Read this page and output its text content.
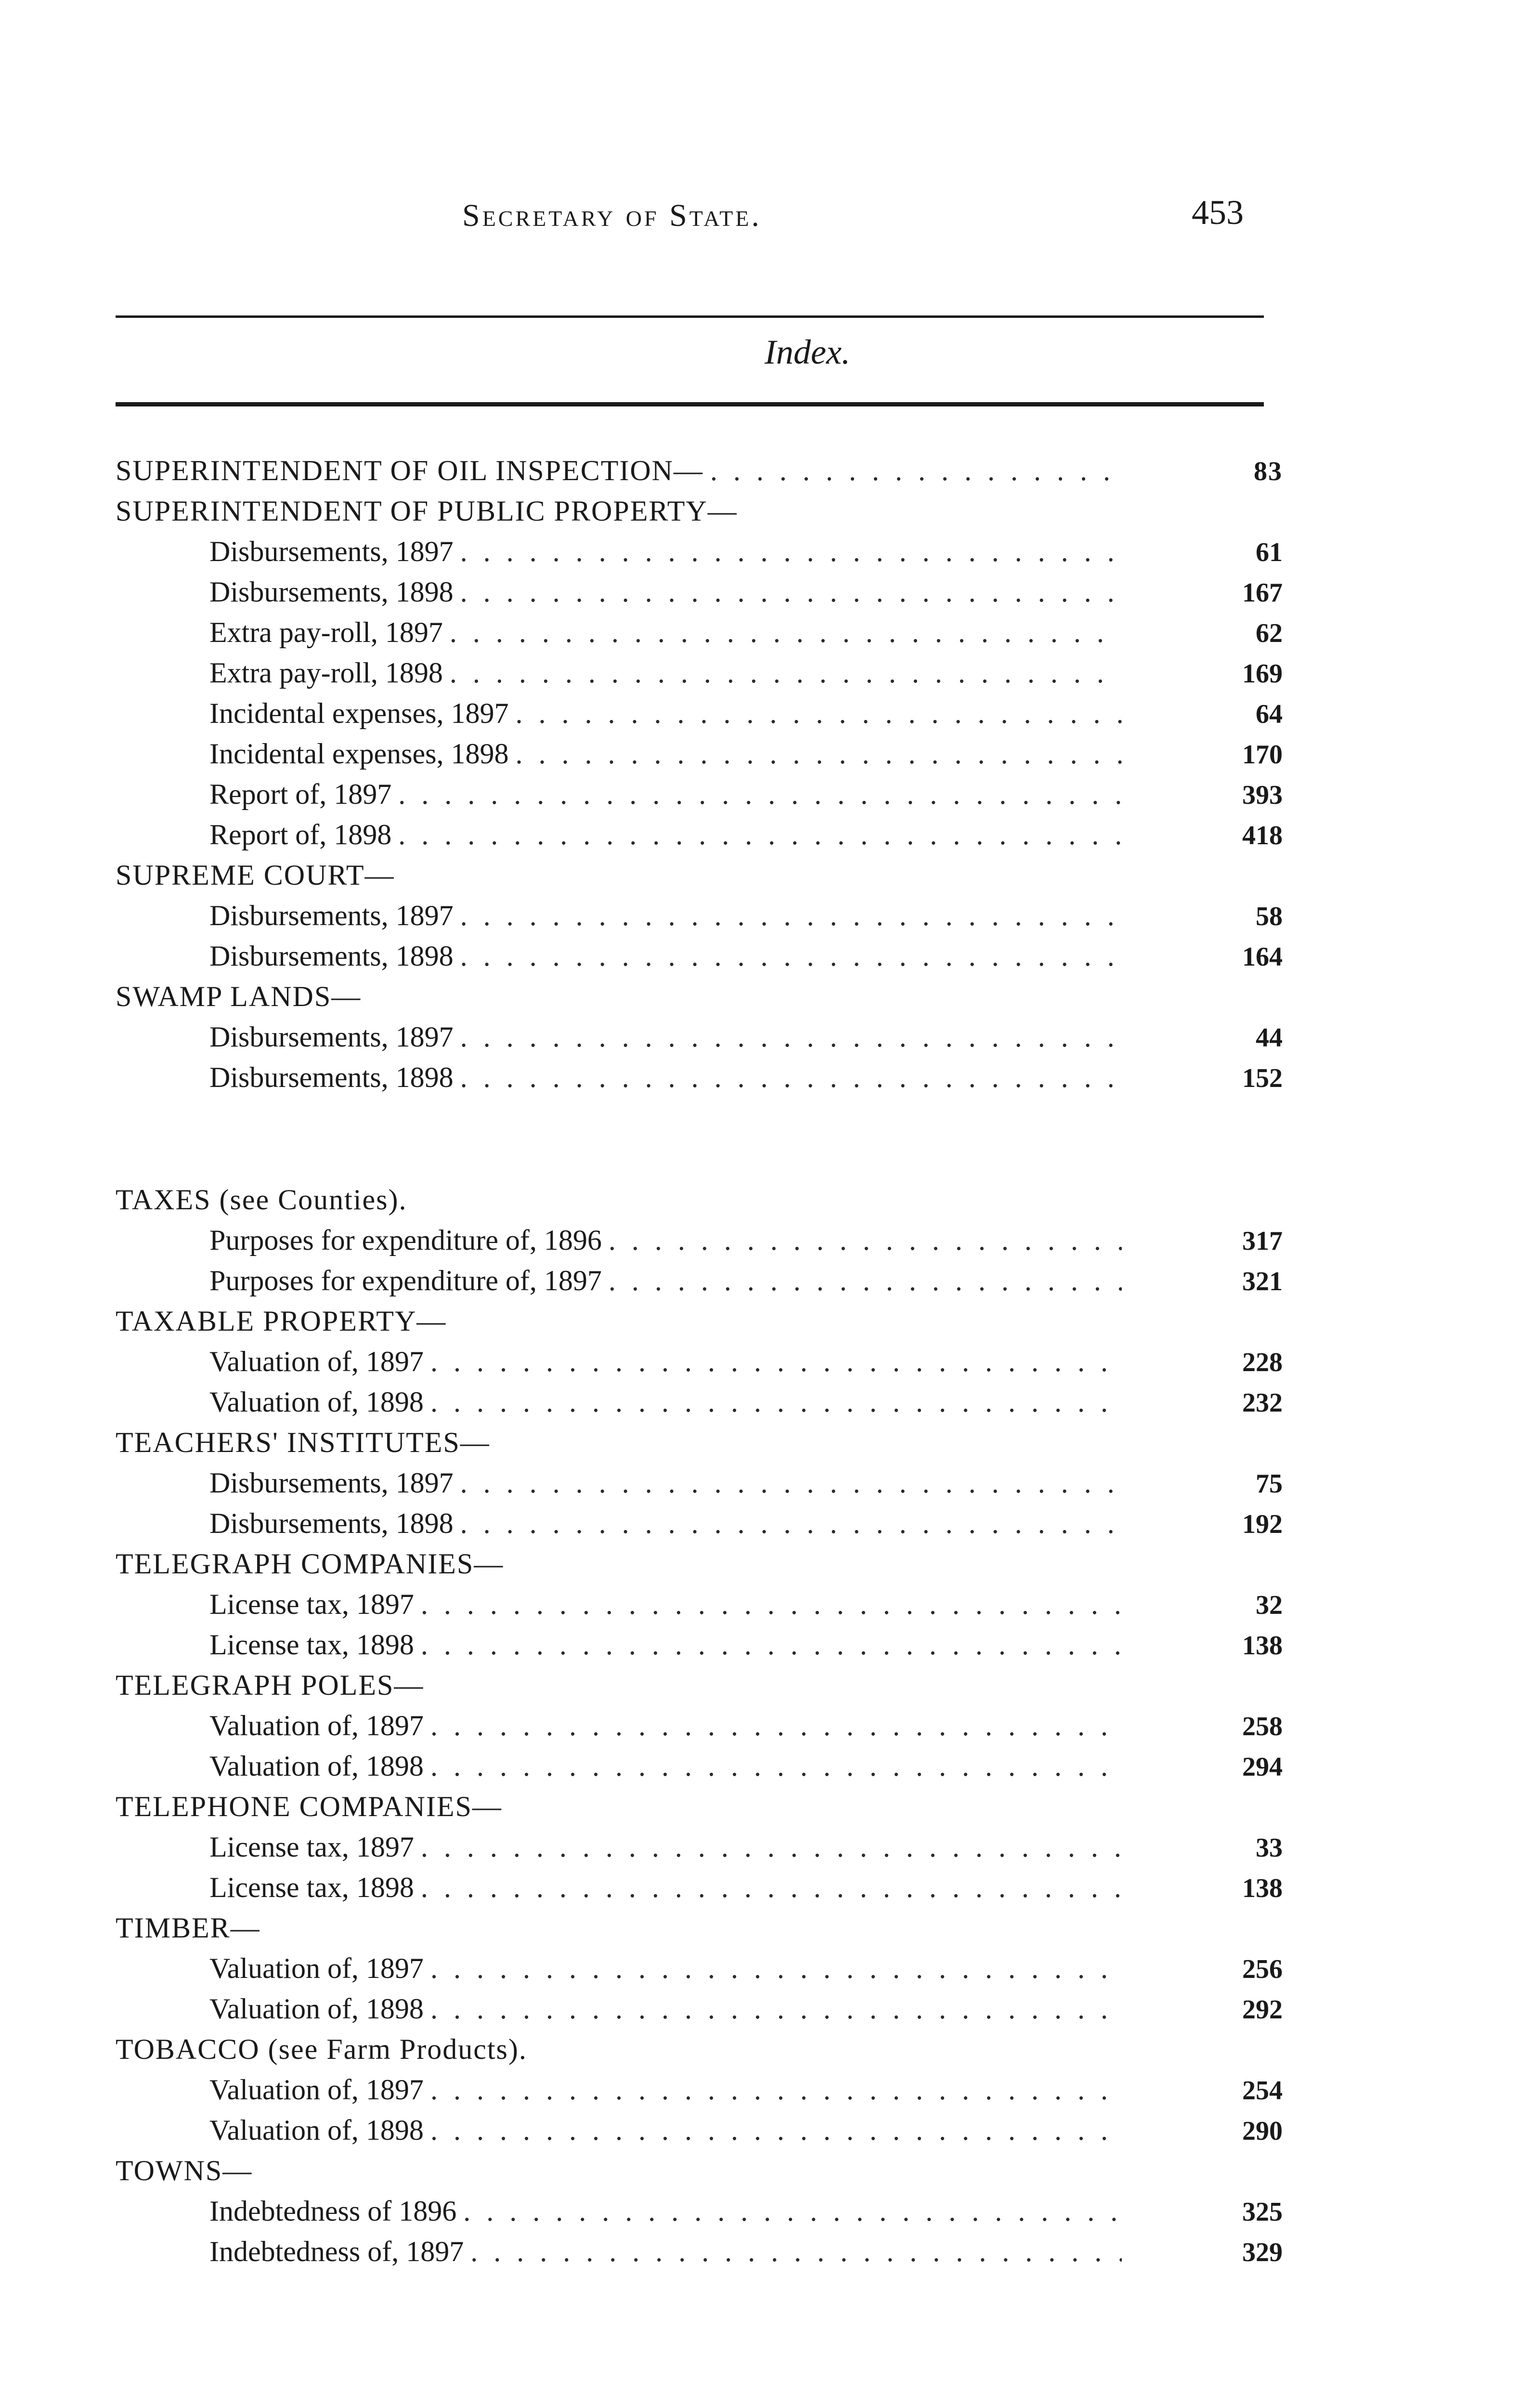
Secretary of State.	453
Index.
SUPERINTENDENT OF OIL INSPECTION— . . .	83
SUPERINTENDENT OF PUBLIC PROPERTY—
Disbursements, 1897 . . .	61
Disbursements, 1898 . . .	167
Extra pay-roll, 1897 . . .	62
Extra pay-roll, 1898 . . .	169
Incidental expenses, 1897 . . .	64
Incidental expenses, 1898 . . .	170
Report of, 1897 . . .	393
Report of, 1898 . . .	418
SUPREME COURT—
Disbursements, 1897 . . .	58
Disbursements, 1898 . . .	164
SWAMP LANDS—
Disbursements, 1897 . . .	44
Disbursements, 1898 . . .	152
TAXES (see Counties).
Purposes for expenditure of, 1896 . . .	317
Purposes for expenditure of, 1897 . . .	321
TAXABLE PROPERTY—
Valuation of, 1897 . . .	228
Valuation of, 1898 . . .	232
TEACHERS' INSTITUTES—
Disbursements, 1897 . . .	75
Disbursements, 1898 . . .	192
TELEGRAPH COMPANIES—
License tax, 1897 . . .	32
License tax, 1898 . . .	138
TELEGRAPH POLES—
Valuation of, 1897 . . .	258
Valuation of, 1898 . . .	294
TELEPHONE COMPANIES—
License tax, 1897 . . .	33
License tax, 1898 . . .	138
TIMBER—
Valuation of, 1897 . . .	256
Valuation of, 1898 . . .	292
TOBACCO (see Farm Products).
Valuation of, 1897 . . .	254
Valuation of, 1898 . . .	290
TOWNS—
Indebtedness of 1896 . . .	325
Indebtedness of, 1897 . . .	329
